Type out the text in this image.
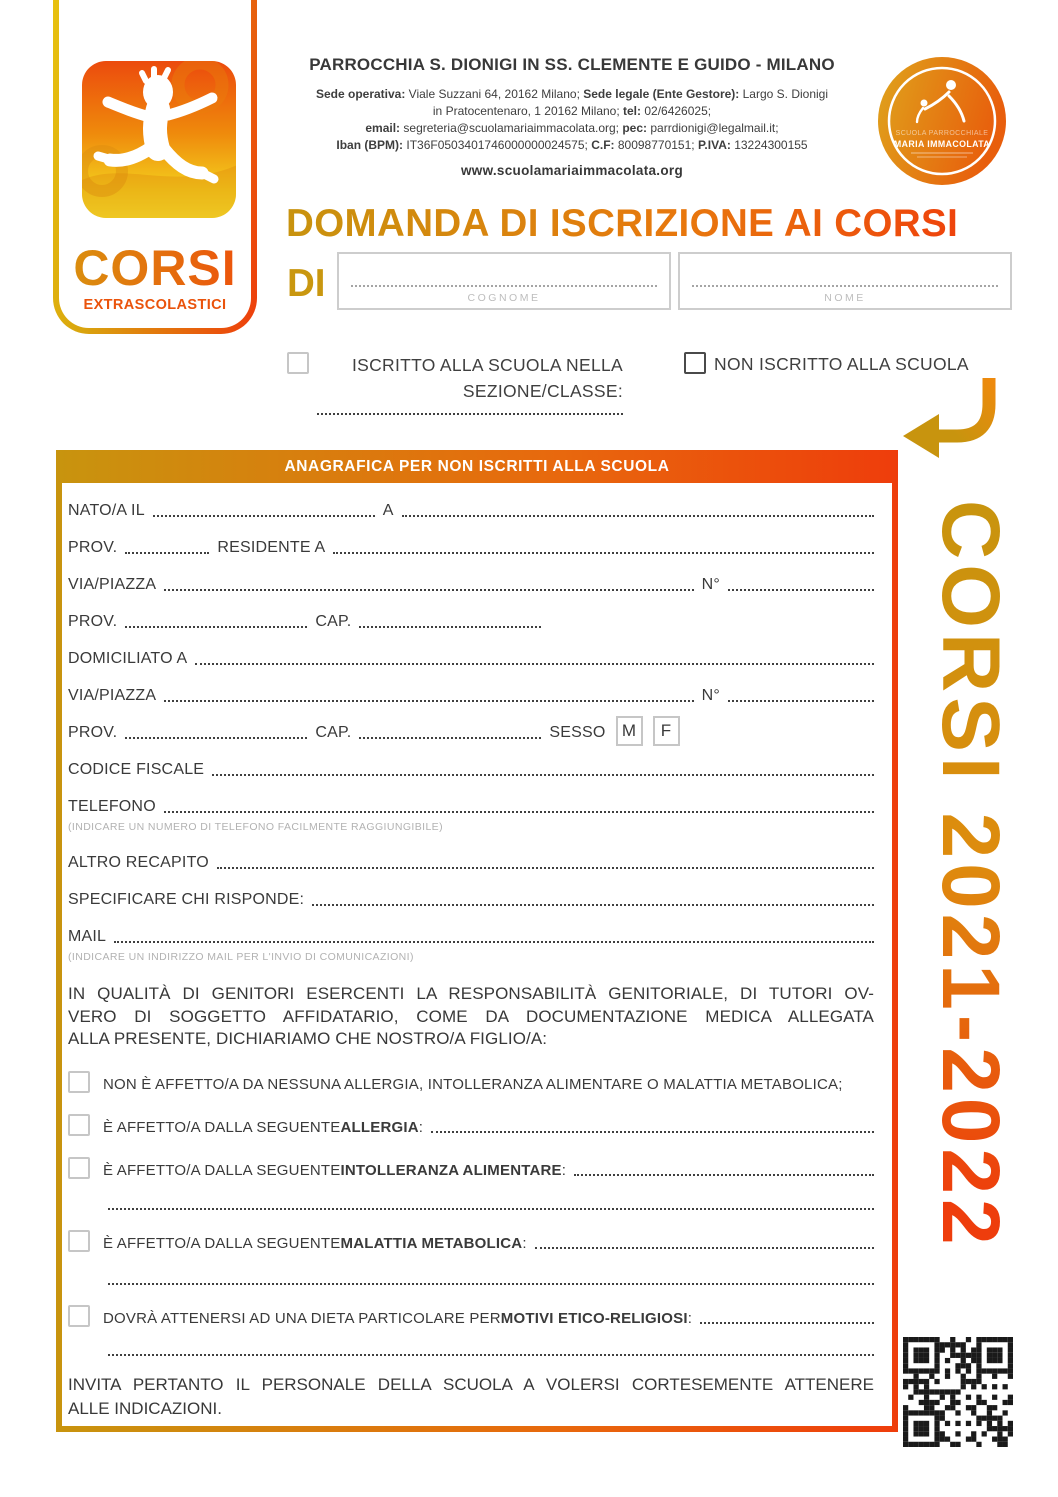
CORSI
EXTRASCOLASTICI
PARROCCHIA S. DIONIGI IN SS. CLEMENTE E GUIDO - MILANO
Sede operativa: Viale Suzzani 64, 20162 Milano; Sede legale (Ente Gestore): Largo S. Dionigi
in Pratocentenaro, 1 20162 Milano; tel: 02/6426025;
email: segreteria@scuolamariaimmacolata.org; pec: parrdionigi@legalmail.it;
Iban (BPM): IT36F0503401746000000024575; C.F: 80098770151; P.IVA: 13224300155
www.scuolamariaimmacolata.org
SCUOLA PARROCCHIALE
MARIA IMMACOLATA
DOMANDA DI ISCRIZIONE AI CORSI
DI	COGNOME	NOME
ISCRITTO ALLA SCUOLA NELLA
SEZIONE/CLASSE:
NON ISCRITTO ALLA SCUOLA
ANAGRAFICA PER NON ISCRITTI ALLA SCUOLA
NATO/A IL	A
PROV.	RESIDENTE A
VIA/PIAZZA	N°
PROV.	CAP.
DOMICILIATO A
VIA/PIAZZA	N°
PROV.	CAP.	SESSO M	F
CODICE FISCALE
TELEFONO
(INDICARE UN NUMERO DI TELEFONO FACILMENTE RAGGIUNGIBILE)
ALTRO RECAPITO
SPECIFICARE CHI RISPONDE:
MAIL
(INDICARE UN INDIRIZZO MAIL PER L'INVIO DI COMUNICAZIONI)
IN QUALITÀ DI GENITORI ESERCENTI LA RESPONSABILITÀ GENITORIALE, DI TUTORI OV-
VERO DI SOGGETTO AFFIDATARIO, COME DA DOCUMENTAZIONE MEDICA ALLEGATA
ALLA PRESENTE, DICHIARIAMO CHE NOSTRO/A FIGLIO/A:
NON È AFFETTO/A DA NESSUNA ALLERGIA, INTOLLERANZA ALIMENTARE O MALATTIA METABOLICA;
È AFFETTO/A DALLA SEGUENTE ALLERGIA :
È AFFETTO/A DALLA SEGUENTE INTOLLERANZA ALIMENTARE :
È AFFETTO/A DALLA SEGUENTE MALATTIA METABOLICA :
DOVRÀ ATTENERSI AD UNA DIETA PARTICOLARE PER MOTIVI ETICO-RELIGIOSI :
INVITA PERTANTO IL PERSONALE DELLA SCUOLA A VOLERSI CORTESEMENTE ATTENERE
ALLE INDICAZIONI.
CORSI 2021-2022
